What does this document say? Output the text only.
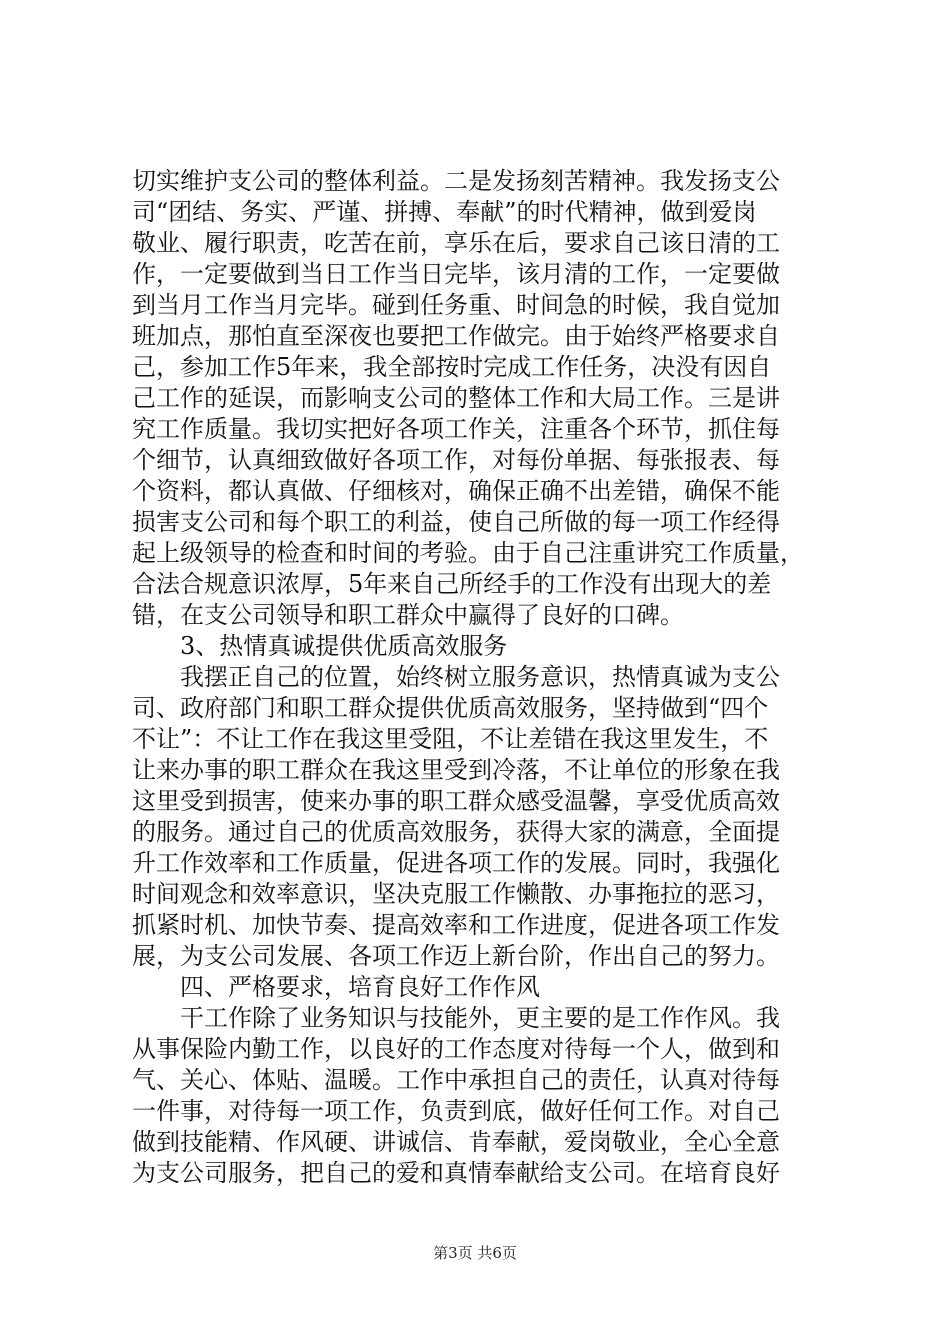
切实维护支公司的整体利益。二是发扬刻苦精神。我发扬支公
司“团结、务实、严谨、拼搏、奉献”的时代精神，做到爱岗
敬业、履行职责，吃苦在前，享乐在后，要求自己该日清的工
作，一定要做到当日工作当日完毕，该月清的工作，一定要做
到当月工作当月完毕。碰到任务重、时间急的时候，我自觉加
班加点，那怕直至深夜也要把工作做完。由于始终严格要求自
己，参加工作5年来，我全部按时完成工作任务，决没有因自
己工作的延误，而影响支公司的整体工作和大局工作。三是讲
究工作质量。我切实把好各项工作关，注重各个环节，抓住每
个细节，认真细致做好各项工作，对每份单据、每张报表、每
个资料，都认真做、仔细核对，确保正确不出差错，确保不能
损害支公司和每个职工的利益，使自己所做的每一项工作经得
起上级领导的检查和时间的考验。由于自己注重讲究工作质量，
合法合规意识浓厚，5年来自己所经手的工作没有出现大的差
错，在支公司领导和职工群众中赢得了良好的口碑。
　　3、热情真诚提供优质高效服务
　　我摆正自己的位置，始终树立服务意识，热情真诚为支公
司、政府部门和职工群众提供优质高效服务，坚持做到“四个
不让”：不让工作在我这里受阻，不让差错在我这里发生，不
让来办事的职工群众在我这里受到冷落，不让单位的形象在我
这里受到损害，使来办事的职工群众感受温馨，享受优质高效
的服务。通过自己的优质高效服务，获得大家的满意，全面提
升工作效率和工作质量，促进各项工作的发展。同时，我强化
时间观念和效率意识，坚决克服工作懒散、办事拖拉的恶习，
抓紧时机、加快节奏、提高效率和工作进度，促进各项工作发
展，为支公司发展、各项工作迈上新台阶，作出自己的努力。
　　四、严格要求，培育良好工作作风
　　干工作除了业务知识与技能外，更主要的是工作作风。我
从事保险内勤工作，以良好的工作态度对待每一个人，做到和
气、关心、体贴、温暖。工作中承担自己的责任，认真对待每
一件事，对待每一项工作，负责到底，做好任何工作。对自己
做到技能精、作风硬、讲诚信、肯奉献，爱岗敬业，全心全意
为支公司服务，把自己的爱和真情奉献给支公司。在培育良好
第3页 共6页
